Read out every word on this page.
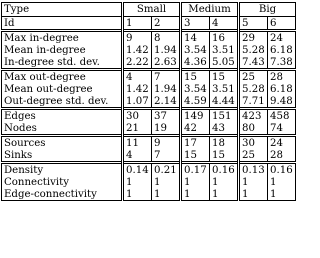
Type	Small		Medium		Big	
Id	1	2	3	4	5	6
Max in-degree	9	8	14	16	29	24
Mean in-degree	1.42	1.94	3.54	3.51	5.28	6.18
In-degree std. dev.	2.22	2.63	4.36	5.05	7.43	7.38
Max out-degree	4	7	15	15	25	28
Mean out-degree	1.42	1.94	3.54	3.51	5.28	6.18
Out-degree std. dev.	1.07	2.14	4.59	4.44	7.71	9.48
Edges	30	37	149	151	423	458
Nodes	21	19	42	43	80	74
Sources	11	9	17	18	30	24
Sinks	4	7	15	15	25	28
Density	0.14	0.21	0.17	0.16	0.13	0.16
Connectivity	1	1	1	1	1	1
Edge-connectivity	1	1	1	1	1	1
